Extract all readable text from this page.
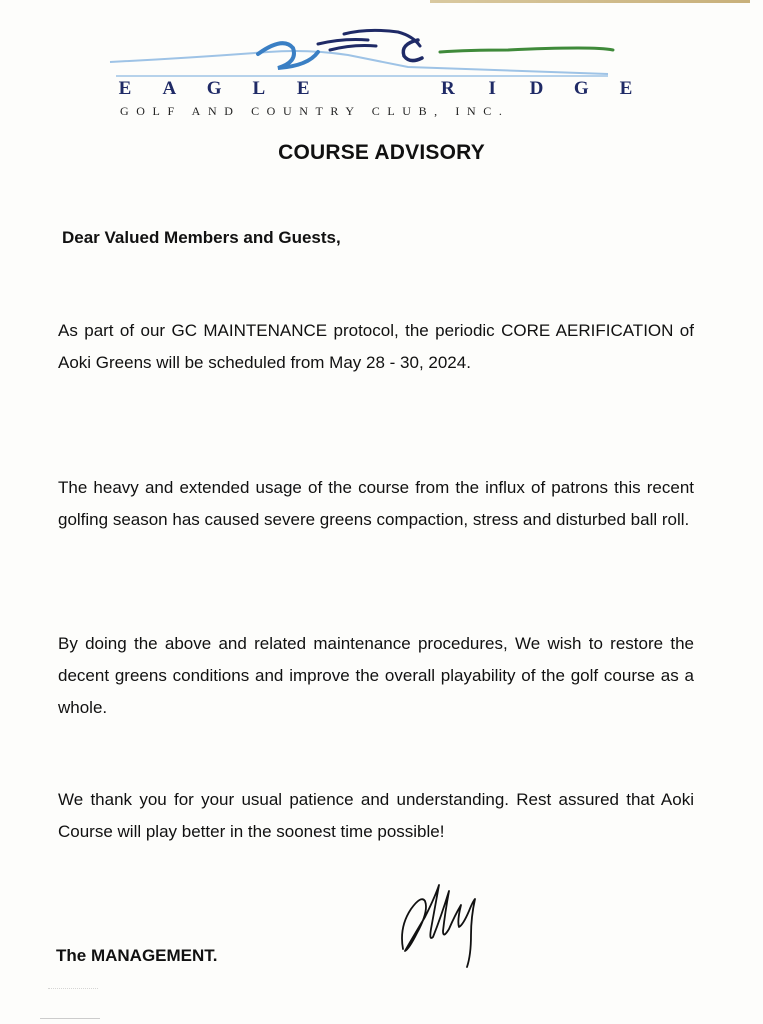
E A G L E	R I D G E
GOLF AND COUNTRY CLUB, INC.
COURSE ADVISORY
Dear Valued Members and Guests,
As part of our GC MAINTENANCE protocol, the periodic CORE AERIFICATION of Aoki Greens will be scheduled from May 28 - 30, 2024.
The heavy and extended usage of the course from the influx of patrons this recent golfing season has caused severe greens compaction, stress and disturbed ball roll.
By doing the above and related maintenance procedures, We wish to restore the decent greens conditions and improve the overall playability of the golf course as a whole.
We thank you for your usual patience and understanding. Rest assured that Aoki Course will play better in the soonest time possible!
The MANAGEMENT.
